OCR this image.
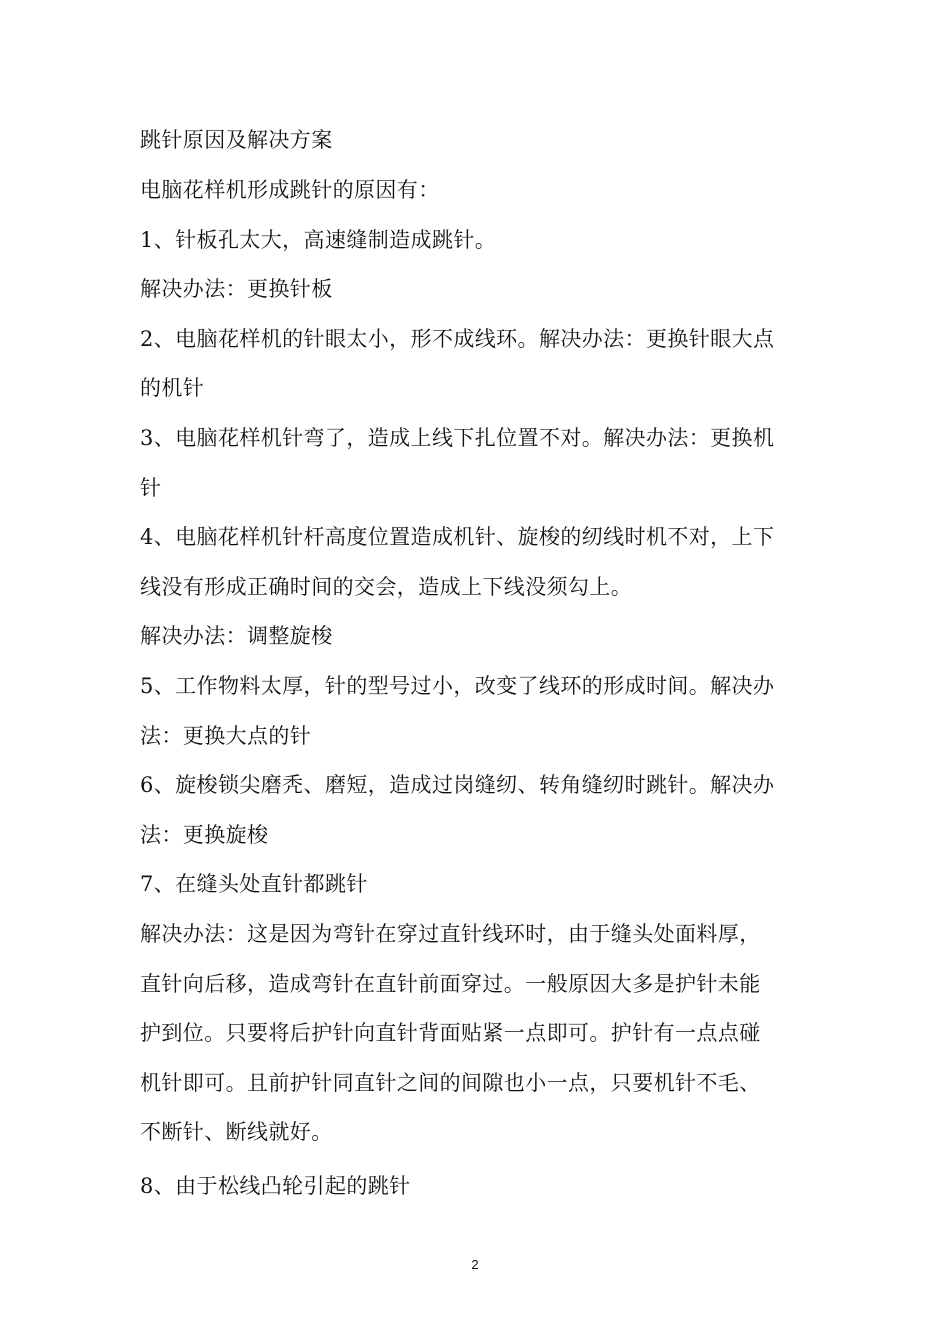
跳针原因及解决方案
电脑花样机形成跳针的原因有：
1、针板孔太大，高速缝制造成跳针。
解决办法：更换针板
2、电脑花样机的针眼太小，形不成线环。解决办法：更换针眼大点
的机针
3、电脑花样机针弯了，造成上线下扎位置不对。解决办法：更换机
针
4、电脑花样机针杆高度位置造成机针、旋梭的纫线时机不对，上下
线没有形成正确时间的交会，造成上下线没须勾上。
解决办法：调整旋梭
5、工作物料太厚，针的型号过小，改变了线环的形成时间。解决办
法：更换大点的针
6、旋梭锁尖磨秃、磨短，造成过岗缝纫、转角缝纫时跳针。解决办
法：更换旋梭
7、在缝头处直针都跳针
解决办法：这是因为弯针在穿过直针线环时，由于缝头处面料厚，
直针向后移，造成弯针在直针前面穿过。一般原因大多是护针未能
护到位。只要将后护针向直针背面贴紧一点即可。护针有一点点碰
机针即可。且前护针同直针之间的间隙也小一点，只要机针不毛、
不断针、断线就好。
8、由于松线凸轮引起的跳针
2
